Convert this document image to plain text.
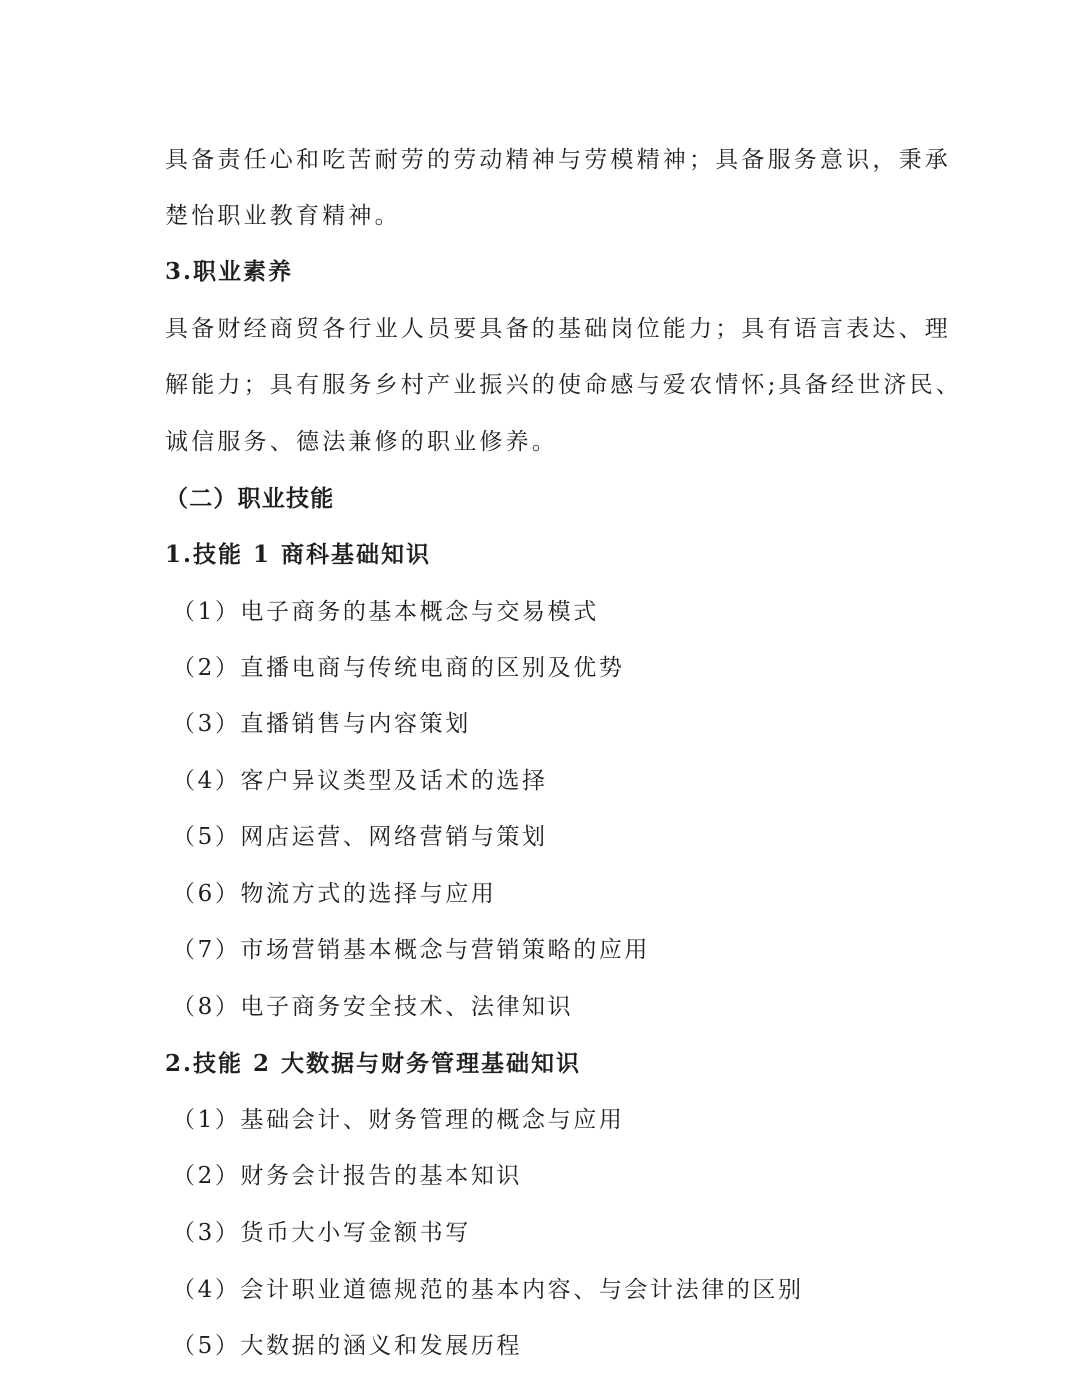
具备责任心和吃苦耐劳的劳动精神与劳模精神；具备服务意识，秉承

楚怡职业教育精神。

3.职业素养

具备财经商贸各行业人员要具备的基础岗位能力；具有语言表达、理

解能力；具有服务乡村产业振兴的使命感与爱农情怀;具备经世济民、

诚信服务、德法兼修的职业修养。

（二）职业技能

1.技能 1 商科基础知识

（1）电子商务的基本概念与交易模式

（2）直播电商与传统电商的区别及优势

（3）直播销售与内容策划

（4）客户异议类型及话术的选择

（5）网店运营、网络营销与策划

（6）物流方式的选择与应用

（7）市场营销基本概念与营销策略的应用

（8）电子商务安全技术、法律知识

2.技能 2 大数据与财务管理基础知识

（1）基础会计、财务管理的概念与应用

（2）财务会计报告的基本知识

（3）货币大小写金额书写

（4）会计职业道德规范的基本内容、与会计法律的区别

（5）大数据的涵义和发展历程
